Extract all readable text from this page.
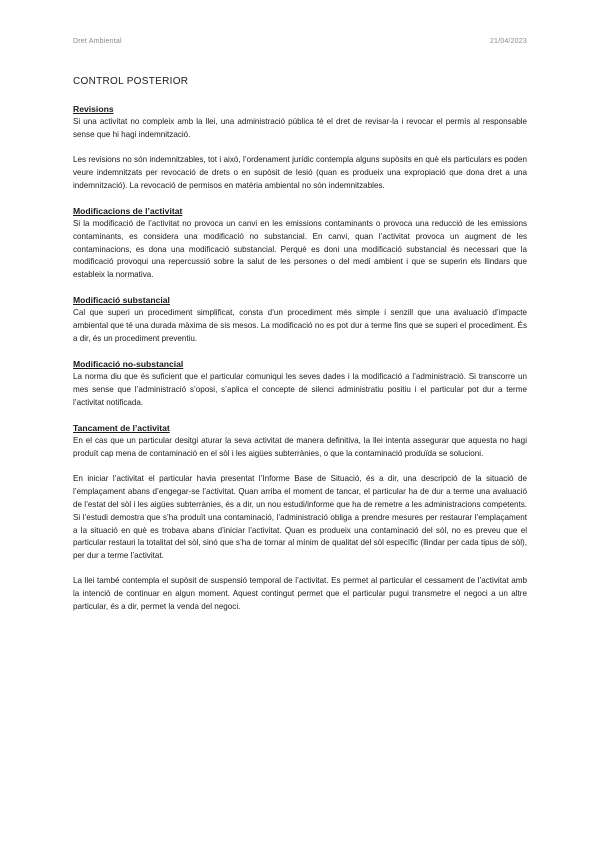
Dret Ambiental	21/04/2023
CONTROL POSTERIOR
Revisions

Si una activitat no compleix amb la llei, una administració pública té el dret de revisar-la i revocar el permís al responsable sense que hi hagi indemnització.

Les revisions no són indemnitzables, tot i això, l’ordenament jurídic contempla alguns supòsits en què els particulars es poden veure indemnitzats per revocació de drets o en supòsit de lesió (quan es produeix una expropiació que dona dret a una indemnització). La revocació de permisos en matèria ambiental no són indemnitzables.

Modificacions de l’activitat

Si la modificació de l’activitat no provoca un canvi en les emissions contaminants o provoca una reducció de les emissions contaminants, es considera una modificació no substancial. En canvi, quan l’activitat provoca un augment de les contaminacions, es dona una modificació substancial. Perquè es doni una modificació substancial és necessari que la modificació provoqui una repercussió sobre la salut de les persones o del medi ambient i que se superin els llindars que estableix la normativa.

Modificació substancial

Cal que superi un procediment simplificat, consta d’un procediment més simple i senzill que una avaluació d’impacte ambiental que té una durada màxima de sis mesos. La modificació no es pot dur a terme fins que se superi el procediment. És a dir, és un procediment preventiu.

Modificació no-substancial

La norma diu que és suficient que el particular comuniqui les seves dades i la modificació a l’administració. Si transcorre un mes sense que l’administració s’oposi, s’aplica el concepte de silenci administratiu positiu i el particular pot dur a terme l’activitat notificada.

Tancament de l’activitat

En el cas que un particular desitgi aturar la seva activitat de manera definitiva, la llei intenta assegurar que aquesta no hagi produït cap mena de contaminació en el sòl i les aigües subterrànies, o que la contaminació produïda se solucioni.

En iniciar l’activitat el particular havia presentat l’Informe Base de Situació, és a dir, una descripció de la situació de l’emplaçament abans d’engegar-se l’activitat. Quan arriba el moment de tancar, el particular ha de dur a terme una avaluació de l’estat del sòl i les aigües subterrànies, és a dir, un nou estudi/informe que ha de remetre a les administracions competents. Si l’estudi demostra que s’ha produït una contaminació, l’administració obliga a prendre mesures per restaurar l’emplaçament a la situació en què es trobava abans d’iniciar l’activitat. Quan es produeix una contaminació del sòl, no es preveu que el particular restauri la totalitat del sòl, sinó que s’ha de tornar al mínim de qualitat del sòl específic (llindar per cada tipus de sòl), per dur a terme l’activitat.

La llei també contempla el supòsit de suspensió temporal de l’activitat. Es permet al particular el cessament de l’activitat amb la intenció de continuar en algun moment. Aquest contingut permet que el particular pugui transmetre el negoci a un altre particular, és a dir, permet la venda del negoci.
